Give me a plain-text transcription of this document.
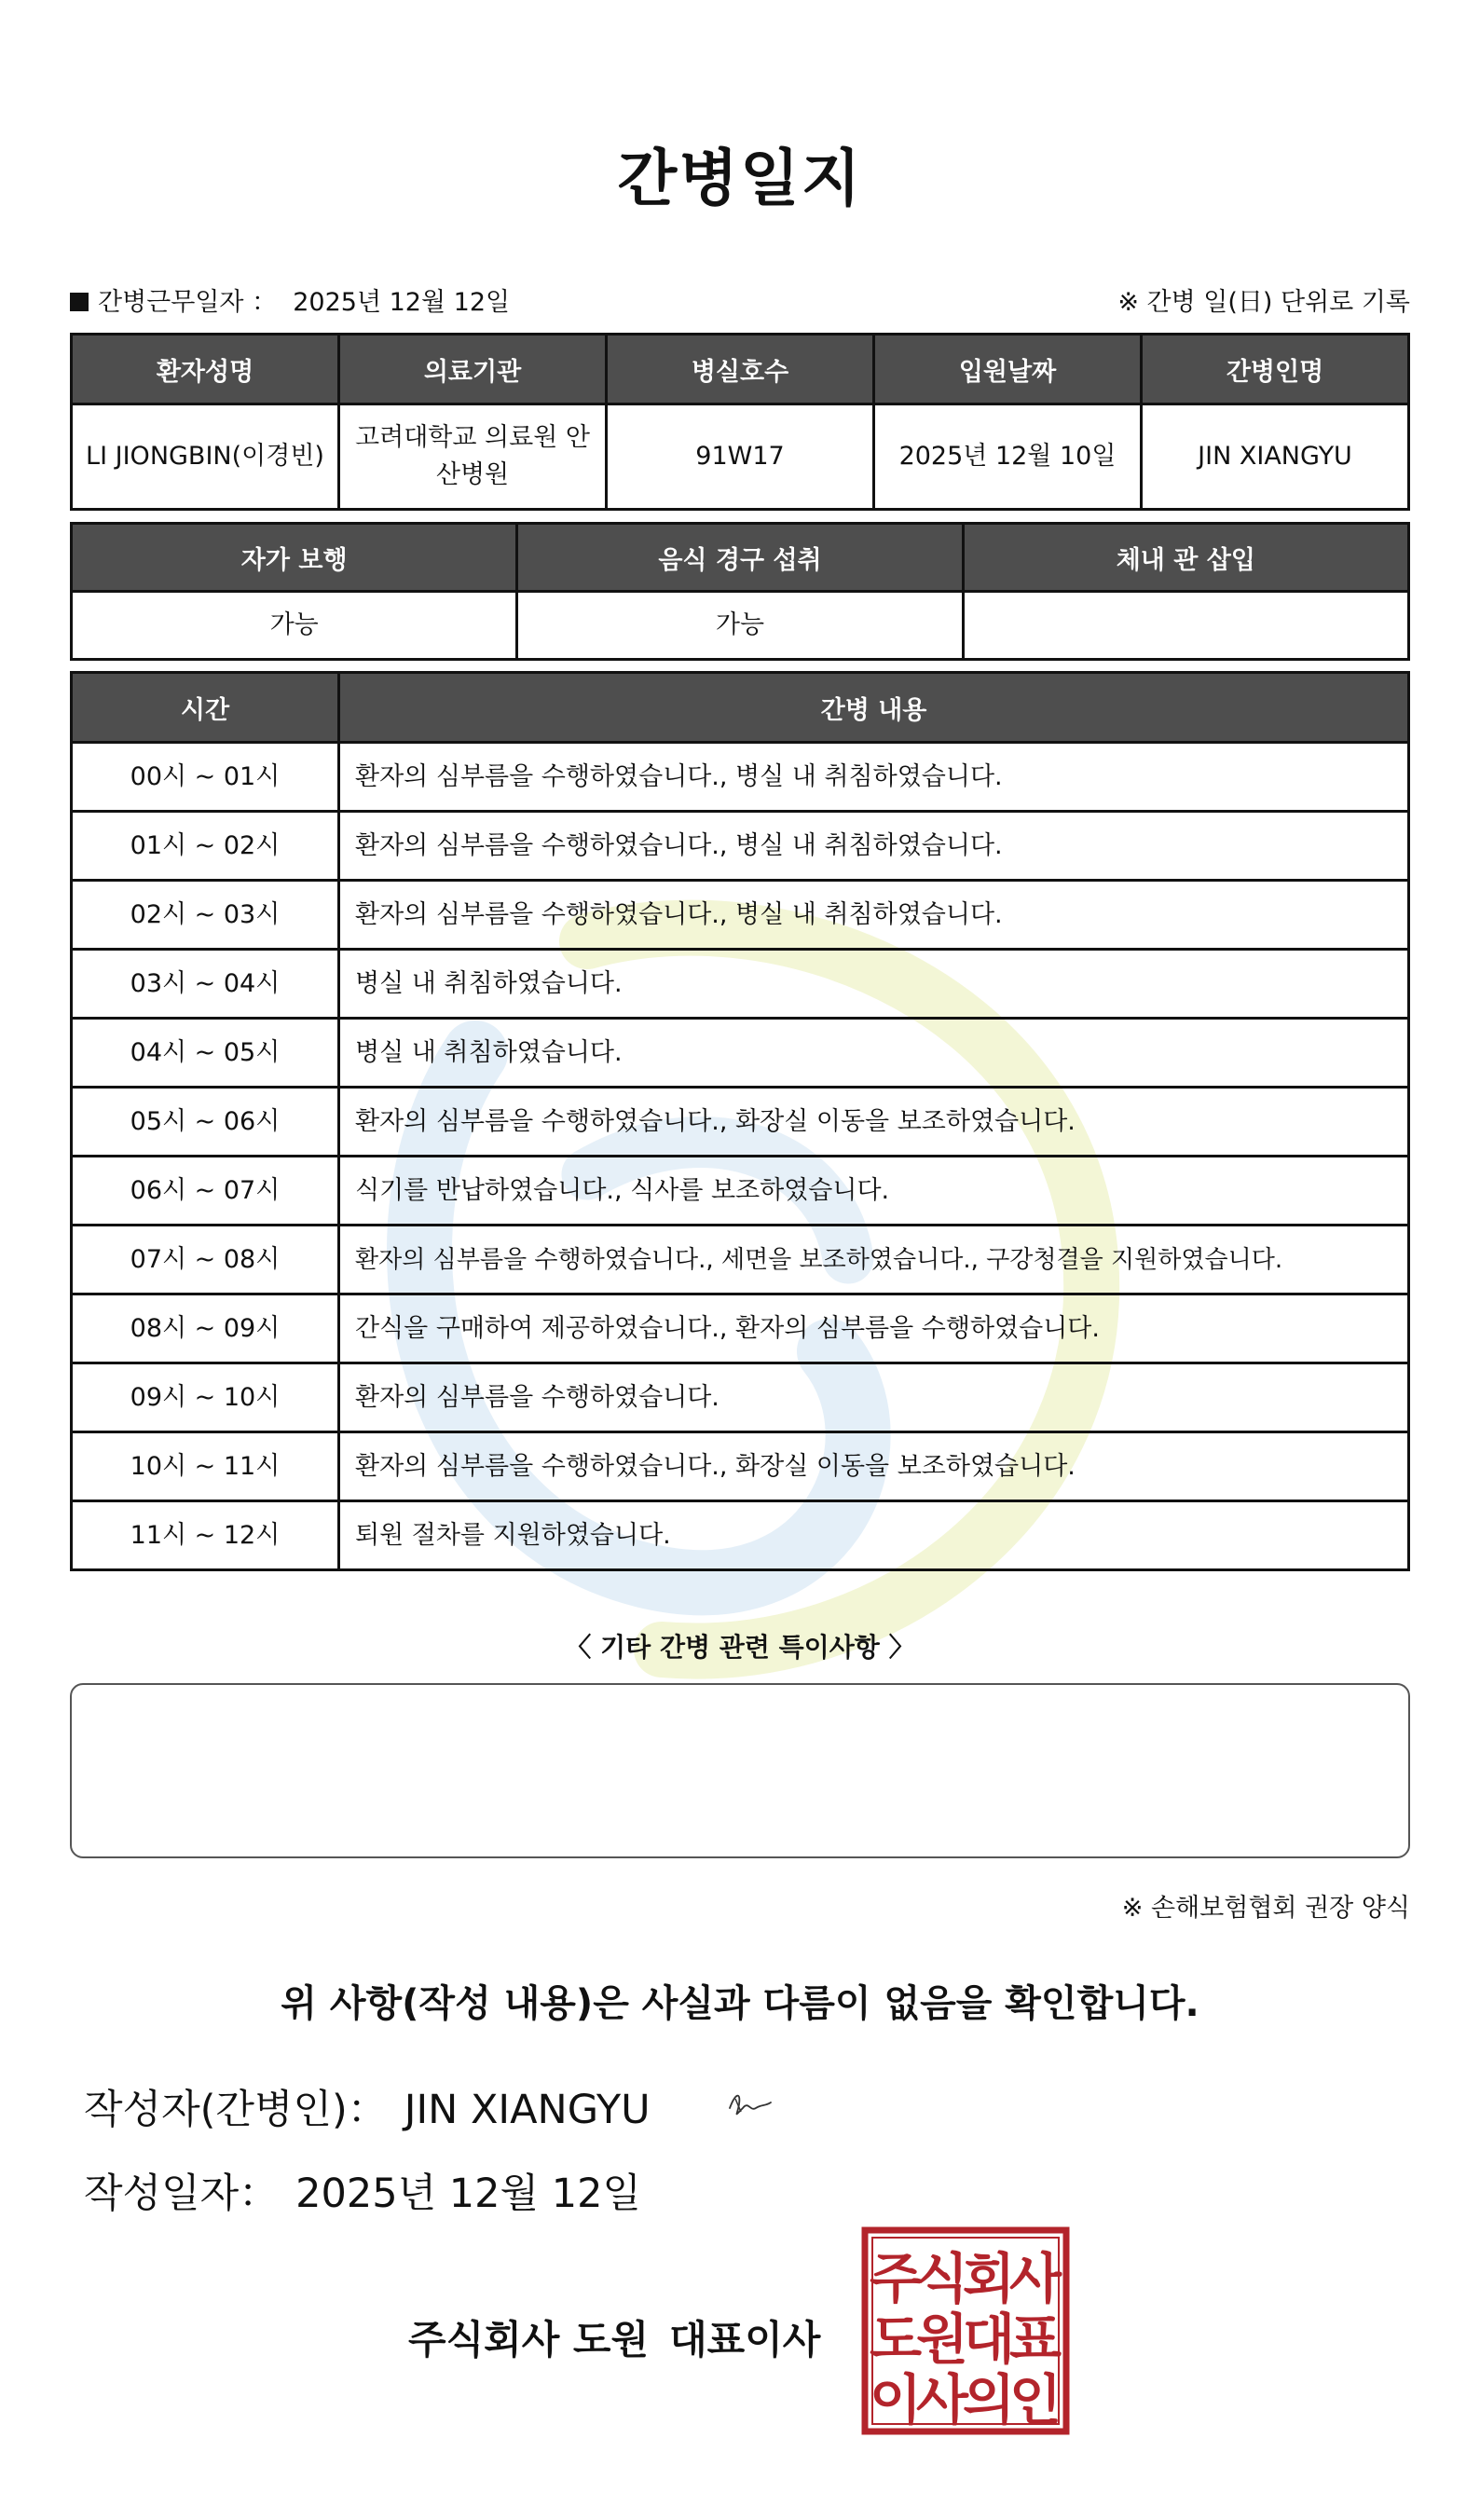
간병일지
간병근무일자 ： 2025년 12월 12일	※ 간병 일(日) 단위로 기록
환자성명	의료기관	병실호수	입원날짜	간병인명
LI JIONGBIN(이경빈)	고려대학교 의료원 안산병원	91W17	2025년 12월 10일	JIN XIANGYU
자가 보행	음식 경구 섭취	체내 관 삽입
가능	가능	
시간	간병 내용
00시 ~ 01시	환자의 심부름을 수행하였습니다., 병실 내 취침하였습니다.
01시 ~ 02시	환자의 심부름을 수행하였습니다., 병실 내 취침하였습니다.
02시 ~ 03시	환자의 심부름을 수행하였습니다., 병실 내 취침하였습니다.
03시 ~ 04시	병실 내 취침하였습니다.
04시 ~ 05시	병실 내 취침하였습니다.
05시 ~ 06시	환자의 심부름을 수행하였습니다., 화장실 이동을 보조하였습니다.
06시 ~ 07시	식기를 반납하였습니다., 식사를 보조하였습니다.
07시 ~ 08시	환자의 심부름을 수행하였습니다., 세면을 보조하였습니다., 구강청결을 지원하였습니다.
08시 ~ 09시	간식을 구매하여 제공하였습니다., 환자의 심부름을 수행하였습니다.
09시 ~ 10시	환자의 심부름을 수행하였습니다.
10시 ~ 11시	환자의 심부름을 수행하였습니다., 화장실 이동을 보조하였습니다.
11시 ~ 12시	퇴원 절차를 지원하였습니다.
〈 기타 간병 관련 특이사항 〉
※ 손해보험협회 권장 양식
위 사항(작성 내용)은 사실과 다름이 없음을 확인합니다.
작성자(간병인)： JIN XIANGYU
작성일자： 2025년 12월 12일
주식회사 도원 대표이사
주
식
회
사
도
원
대
표
이
사
의
인
